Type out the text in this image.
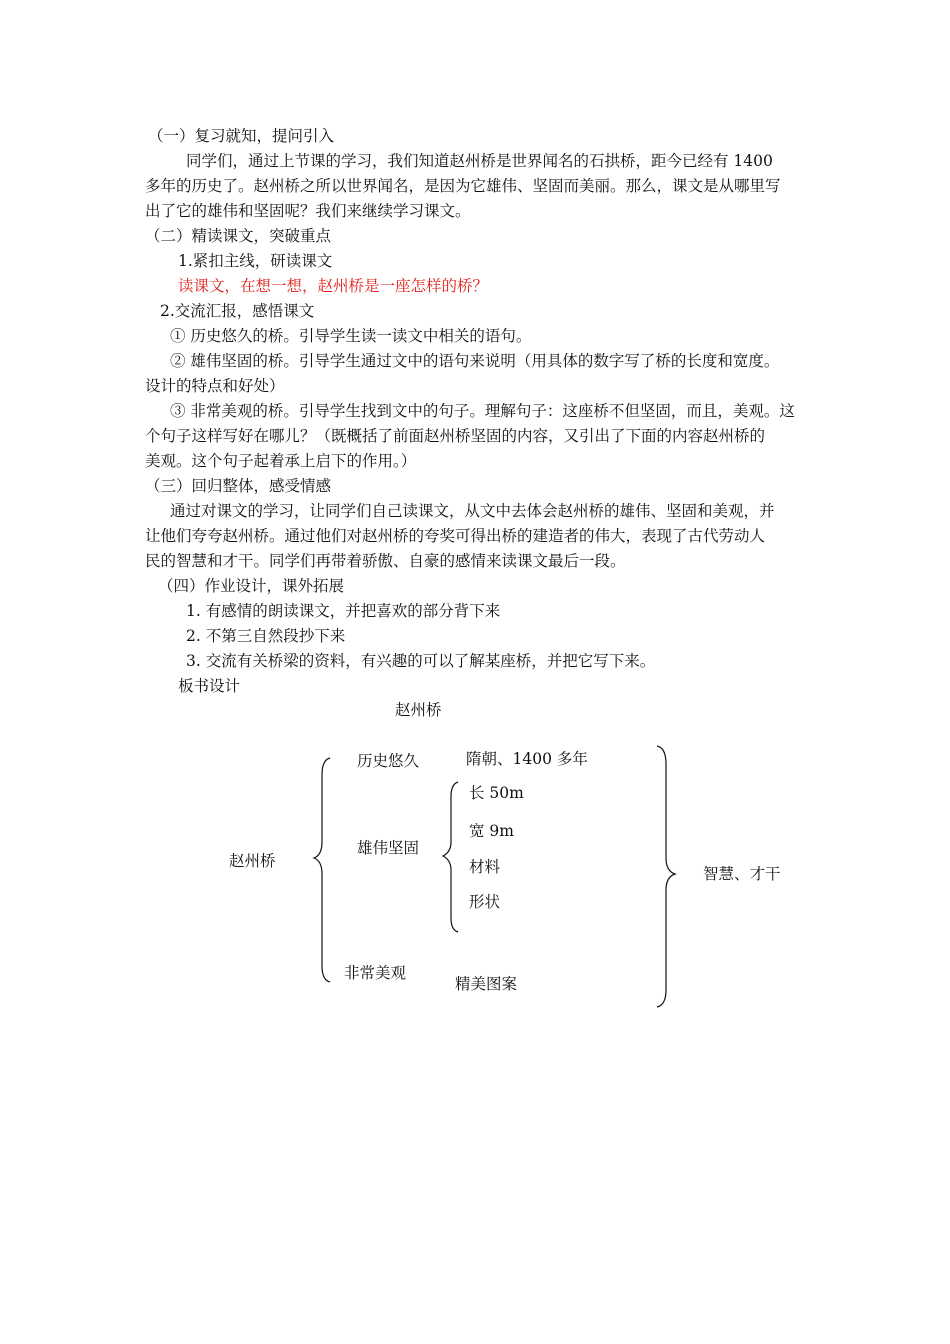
（一）复习就知，提问引入

同学们，通过上节课的学习，我们知道赵州桥是世界闻名的石拱桥，距今已经有 1400

多年的历史了。赵州桥之所以世界闻名，是因为它雄伟、坚固而美丽。那么，课文是从哪里写

出了它的雄伟和坚固呢？我们来继续学习课文。

（二）精读课文，突破重点

1.紧扣主线，研读课文

读课文，在想一想，赵州桥是一座怎样的桥？

2.交流汇报，感悟课文

① 历史悠久的桥。引导学生读一读文中相关的语句。

② 雄伟坚固的桥。引导学生通过文中的语句来说明（用具体的数字写了桥的长度和宽度。

设计的特点和好处）

③ 非常美观的桥。引导学生找到文中的句子。理解句子：这座桥不但坚固，而且，美观。这

个句子这样写好在哪儿？（既概括了前面赵州桥坚固的内容，又引出了下面的内容赵州桥的

美观。这个句子起着承上启下的作用。）

（三）回归整体，感受情感

通过对课文的学习，让同学们自己读课文，从文中去体会赵州桥的雄伟、坚固和美观，并

让他们夸夸赵州桥。通过他们对赵州桥的夸奖可得出桥的建造者的伟大，表现了古代劳动人

民的智慧和才干。同学们再带着骄傲、自豪的感情来读课文最后一段。

（四）作业设计，课外拓展

1. 有感情的朗读课文，并把喜欢的部分背下来

2. 不第三自然段抄下来

3. 交流有关桥梁的资料，有兴趣的可以了解某座桥，并把它写下来。

板书设计

赵州桥
赵州桥
历史悠久	隋朝、1400 多年
雄伟坚固
长 50m
宽 9m
材料
形状
非常美观
精美图案
智慧、才干
